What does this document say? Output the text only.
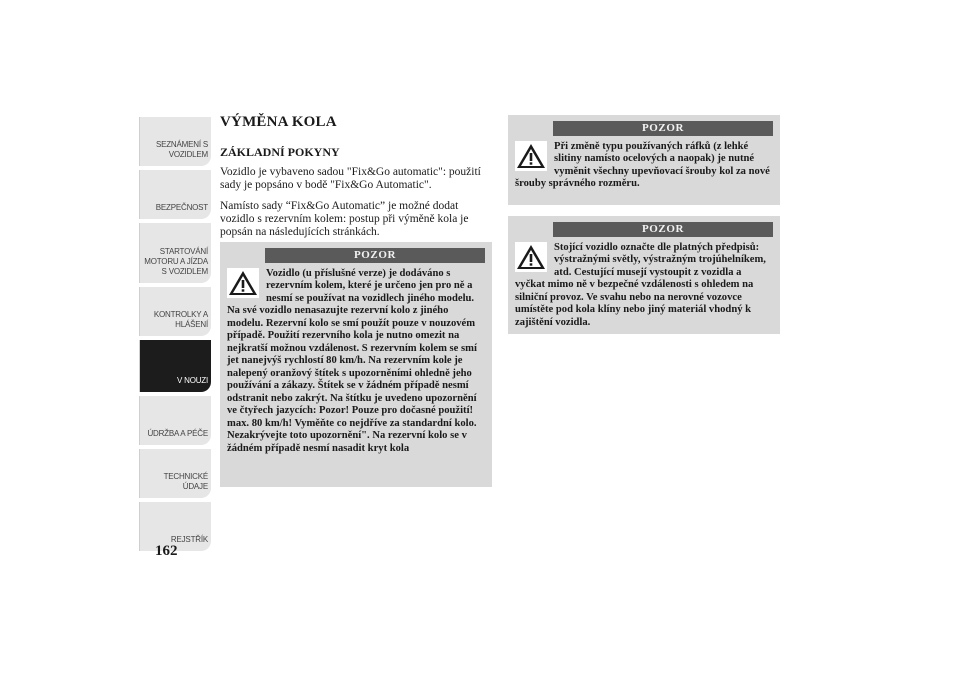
SEZNÁMENÍ S
VOZIDLEM
BEZPEČNOST
STARTOVÁNÍ
MOTORU A JÍZDA
S VOZIDLEM
KONTROLKY A
HLÁŠENÍ
V NOUZI
ÚDRŽBA A PÉČE
TECHNICKÉ
ÚDAJE
REJSTŘÍK
162
VÝMĚNA KOLA
ZÁKLADNÍ POKYNY

Vozidlo je vybaveno sadou "Fix&Go automatic": použití sady je popsáno v bodě "Fix&Go Automatic".

Namísto sady “Fix&Go Automatic” je možné dodat vozidlo s rezervním kolem: postup při výměně kola je popsán na následujících stránkách.

POZOR

Vozidlo (u příslušné verze) je dodáváno s rezervním kolem, které je určeno jen pro ně a nesmí se používat na vozidlech jiného modelu. Na své vozidlo nenasazujte rezervní kolo z jiného modelu. Rezervní kolo se smí použít pouze v nouzovém případě. Použití rezervního kola je nutno omezit na nejkratší možnou vzdálenost. S rezervním kolem se smí jet nanejvýš rychlostí 80 km/h. Na rezervním kole je nalepený oranžový štítek s upozorněními ohledně jeho používání a zákazy. Štítek se v žádném případě nesmí odstranit nebo zakrýt. Na štítku je uvedeno upozornění ve čtyřech jazycích: Pozor! Pouze pro dočasné použití! max. 80 km/h! Vyměňte co nejdříve za standardní kolo. Nezakrývejte toto upozornění". Na rezervní kolo se v žádném případě nesmí nasadit kryt kola

POZOR

Při změně typu používaných ráfků (z lehké slitiny namísto ocelových a naopak) je nutné vyměnit všechny upevňovací šrouby kol za nové šrouby správného rozměru.

POZOR

Stojící vozidlo označte dle platných předpisů: výstražnými světly, výstražným trojúhelníkem, atd. Cestující musejí vystoupit z vozidla a vyčkat mimo ně v bezpečné vzdálenosti s ohledem na silniční provoz. Ve svahu nebo na nerovné vozovce umístěte pod kola klíny nebo jiný materiál vhodný k zajištění vozidla.
